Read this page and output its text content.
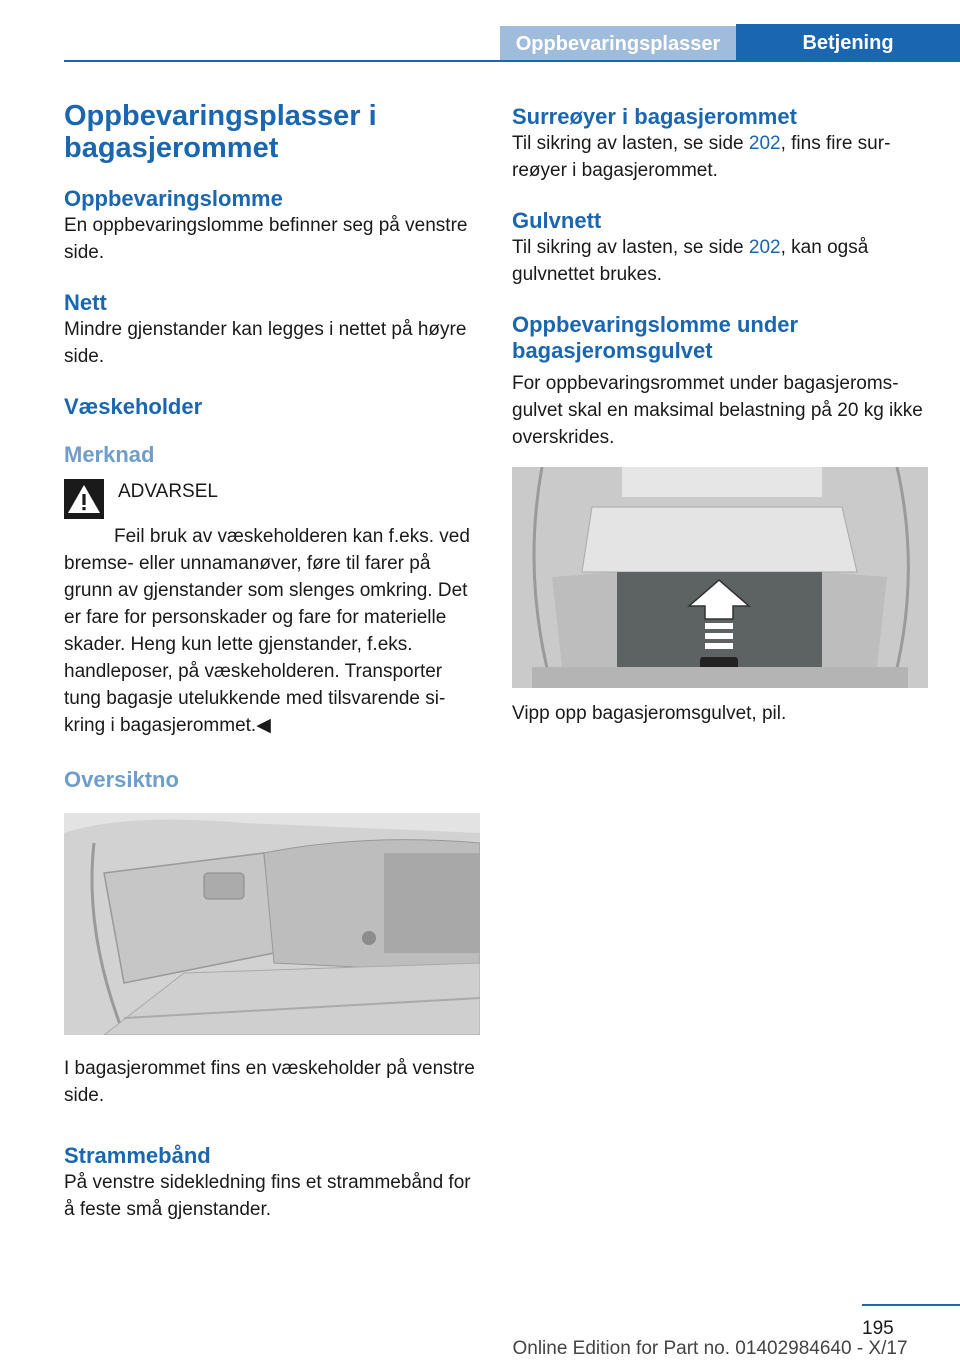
Oppbevaringsplasser	Betjening
Oppbevaringsplasser i bagasjerommet
Oppbevaringslomme

En oppbevaringslomme befinner seg på venstre side.

Nett

Mindre gjenstander kan legges i nettet på høyre side.

Væskeholder
Merknad
ADVARSEL

Feil bruk av væskeholderen kan f.eks. ved bremse- eller unnamanøver, føre til farer på grunn av gjenstander som slenges omkring. Det er fare for personskader og fare for materielle skader. Heng kun lette gjenstander, f.eks. handleposer, på væskeholderen. Transporter tung bagasje utelukkende med tilsvarende sikring i bagasjerommet.◀

Oversiktno

I bagasjerommet fins en væskeholder på venstre side.

Strammebånd

På venstre sidekledning fins et strammebånd for å feste små gjenstander.

Surreøyer i bagasjerommet

Til sikring av lasten, se side 202, fins fire surreøyer i bagasjerommet.

Gulvnett

Til sikring av lasten, se side 202, kan også gulvnettet brukes.

Oppbevaringslomme under bagasjeromsgulvet

For oppbevaringsrommet under bagasjeromsgulvet skal en maksimal belastning på 20 kg ikke overskrides.

Vipp opp bagasjeromsgulvet, pil.

195
Online Edition for Part no. 01402984640 - X/17
